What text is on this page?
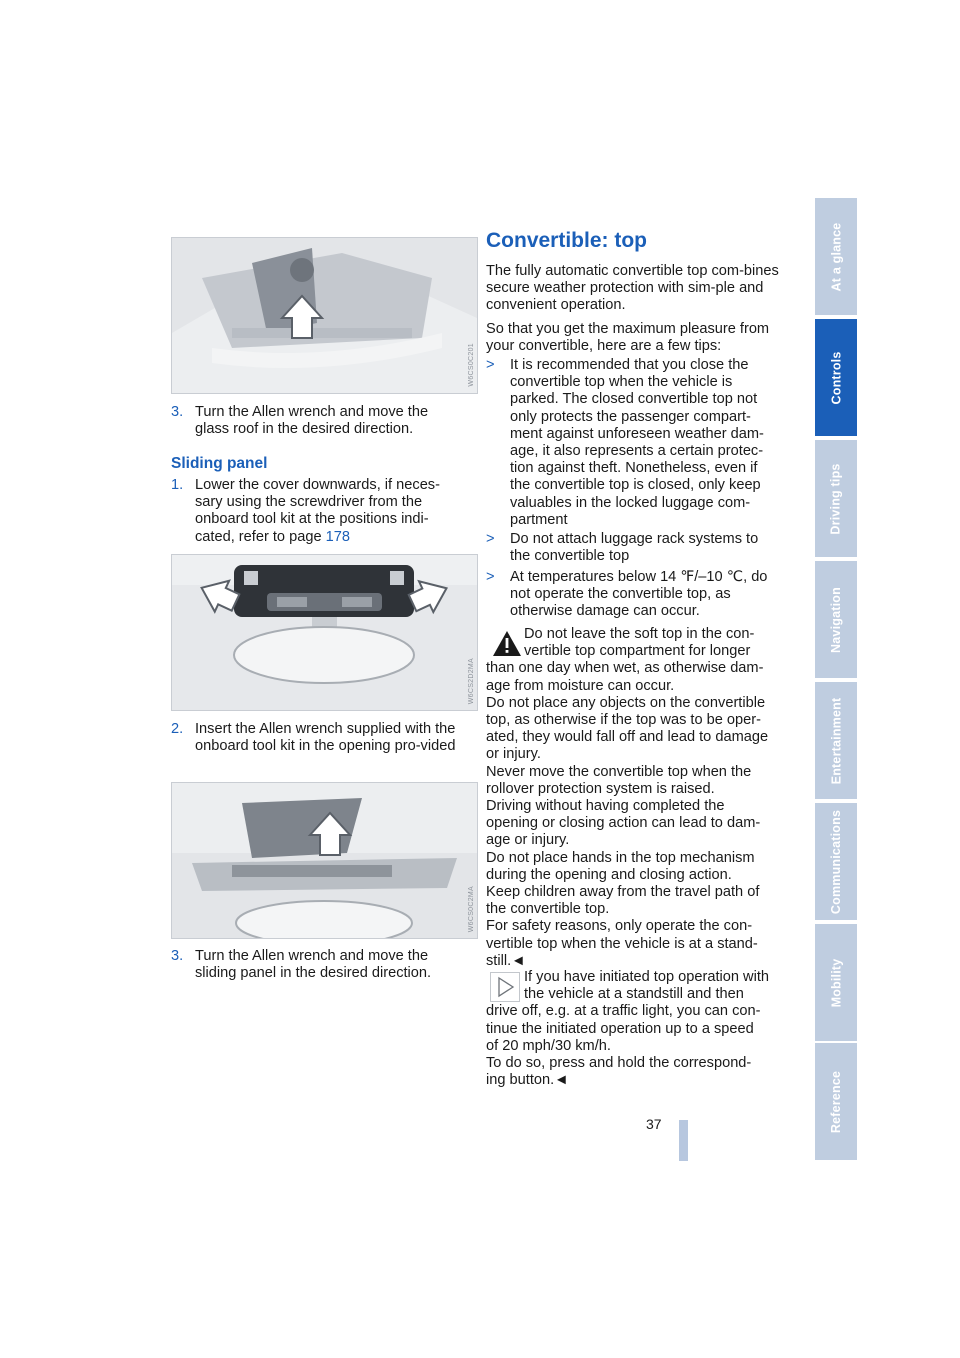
At a glance
Controls
Driving tips
Navigation
Entertainment
Communications
Mobility
Reference
W6CS0C201
3. Turn the Allen wrench and move the glass roof in the desired direction.
Sliding panel
1. Lower the cover downwards, if neces-sary using the screwdriver from the onboard tool kit at the positions indi-cated, refer to page 178
W6CS2D2MA
2. Insert the Allen wrench supplied with the onboard tool kit in the opening pro-vided
W6CS0C2MA
3. Turn the Allen wrench and move the sliding panel in the desired direction.
Convertible: top
The fully automatic convertible top com-bines secure weather protection with sim-ple and convenient operation.
So that you get the maximum pleasure from your convertible, here are a few tips:
> It is recommended that you close the convertible top when the vehicle is parked. The closed convertible top not only protects the passenger compart-ment against unforeseen weather dam-age, it also represents a certain protec-tion against theft. Nonetheless, even if the convertible top is closed, only keep valuables in the locked luggage com-partment
> Do not attach luggage rack systems to the convertible top
> At temperatures below 14 ℉/–10 ℃, do not operate the convertible top, as otherwise damage can occur.
Do not leave the soft top in the con-
vertible top compartment for longer
than one day when wet, as otherwise dam-
age from moisture can occur.
Do not place any objects on the convertible
top, as otherwise if the top was to be oper-
ated, they would fall off and lead to damage
or injury.
Never move the convertible top when the
rollover protection system is raised.
Driving without having completed the
opening or closing action can lead to dam-
age or injury.
Do not place hands in the top mechanism
during the opening and closing action.
Keep children away from the travel path of
the convertible top.
For safety reasons, only operate the con-
vertible top when the vehicle is at a stand-
still.◄
If you have initiated top operation with
the vehicle at a standstill and then
drive off, e.g. at a traffic light, you can con-
tinue the initiated operation up to a speed
of 20 mph/30 km/h.
To do so, press and hold the correspond-
ing button.◄
37
